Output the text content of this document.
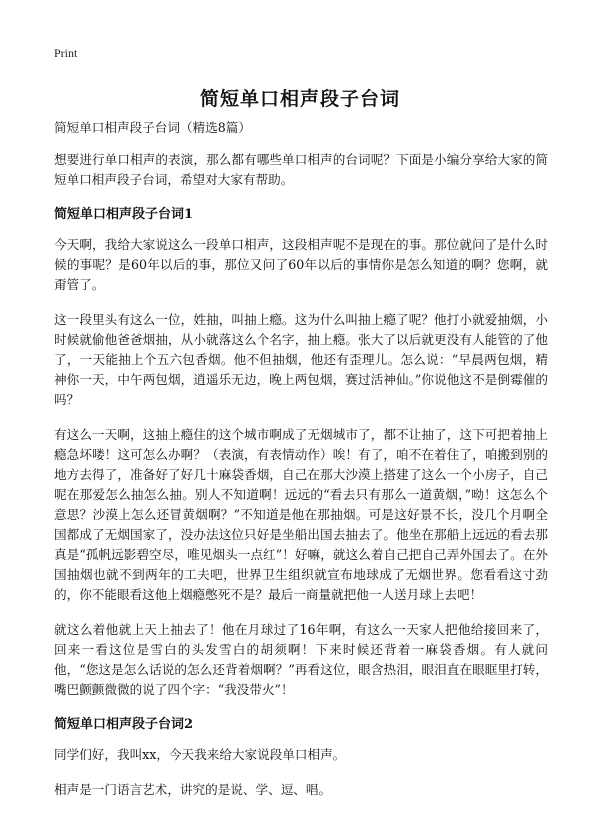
Print
简短单口相声段子台词

简短单口相声段子台词（精选8篇）

想要进行单口相声的表演，那么都有哪些单口相声的台词呢？下面是小编分享给大家的简短单口相声段子台词，希望对大家有帮助。

简短单口相声段子台词1

今天啊，我给大家说这么一段单口相声，这段相声呢不是现在的事。那位就问了是什么时候的事呢？是60年以后的事，那位又问了60年以后的事情你是怎么知道的啊？您啊，就甭管了。

这一段里头有这么一位，姓抽，叫抽上瘾。这为什么叫抽上瘾了呢？他打小就爱抽烟，小时候就偷他爸爸烟抽，从小就落这么个名字，抽上瘾。张大了以后就更没有人能管的了他了，一天能抽上个五六包香烟。他不但抽烟，他还有歪理儿。怎么说：“早晨两包烟，精神你一天，中午两包烟，逍遥乐无边，晚上两包烟，赛过活神仙。”你说他这不是倒霉催的吗？

有这么一天啊，这抽上瘾住的这个城市啊成了无烟城市了，都不让抽了，这下可把着抽上瘾急坏喽！这可怎么办啊？（表演，有表情动作）唉！有了，咱不在着住了，咱搬到别的地方去得了，准备好了好几十麻袋香烟，自己在那大沙漠上搭建了这么一个小房子，自己呢在那爱怎么抽怎么抽。别人不知道啊！远远的“看去只有那么一道黄烟，”呦！这怎么个意思？沙漠上怎么还冒黄烟啊？”不知道是他在那抽烟。可是这好景不长，没几个月啊全国都成了无烟国家了，没办法这位只好是坐船出国去抽去了。他坐在那船上远远的看去那真是“孤帆远影碧空尽，唯见烟头一点红”！好嘛，就这么着自己把自己弄外国去了。在外国抽烟也就不到两年的工夫吧，世界卫生组织就宣布地球成了无烟世界。您看看这寸劲的，你不能眼看这他上烟瘾憋死不是？最后一商量就把他一人送月球上去吧！

就这么着他就上天上抽去了！他在月球过了16年啊，有这么一天家人把他给接回来了，回来一看这位是雪白的头发雪白的胡须啊！下来时候还背着一麻袋香烟。有人就问他，“您这是怎么话说的怎么还背着烟啊？”再看这位，眼含热泪，眼泪直在眼眶里打转，嘴巴颤颤微微的说了四个字：“我没带火”！

简短单口相声段子台词2

同学们好，我叫xx，今天我来给大家说段单口相声。

相声是一门语言艺术，讲究的是说、学、逗、唱。
